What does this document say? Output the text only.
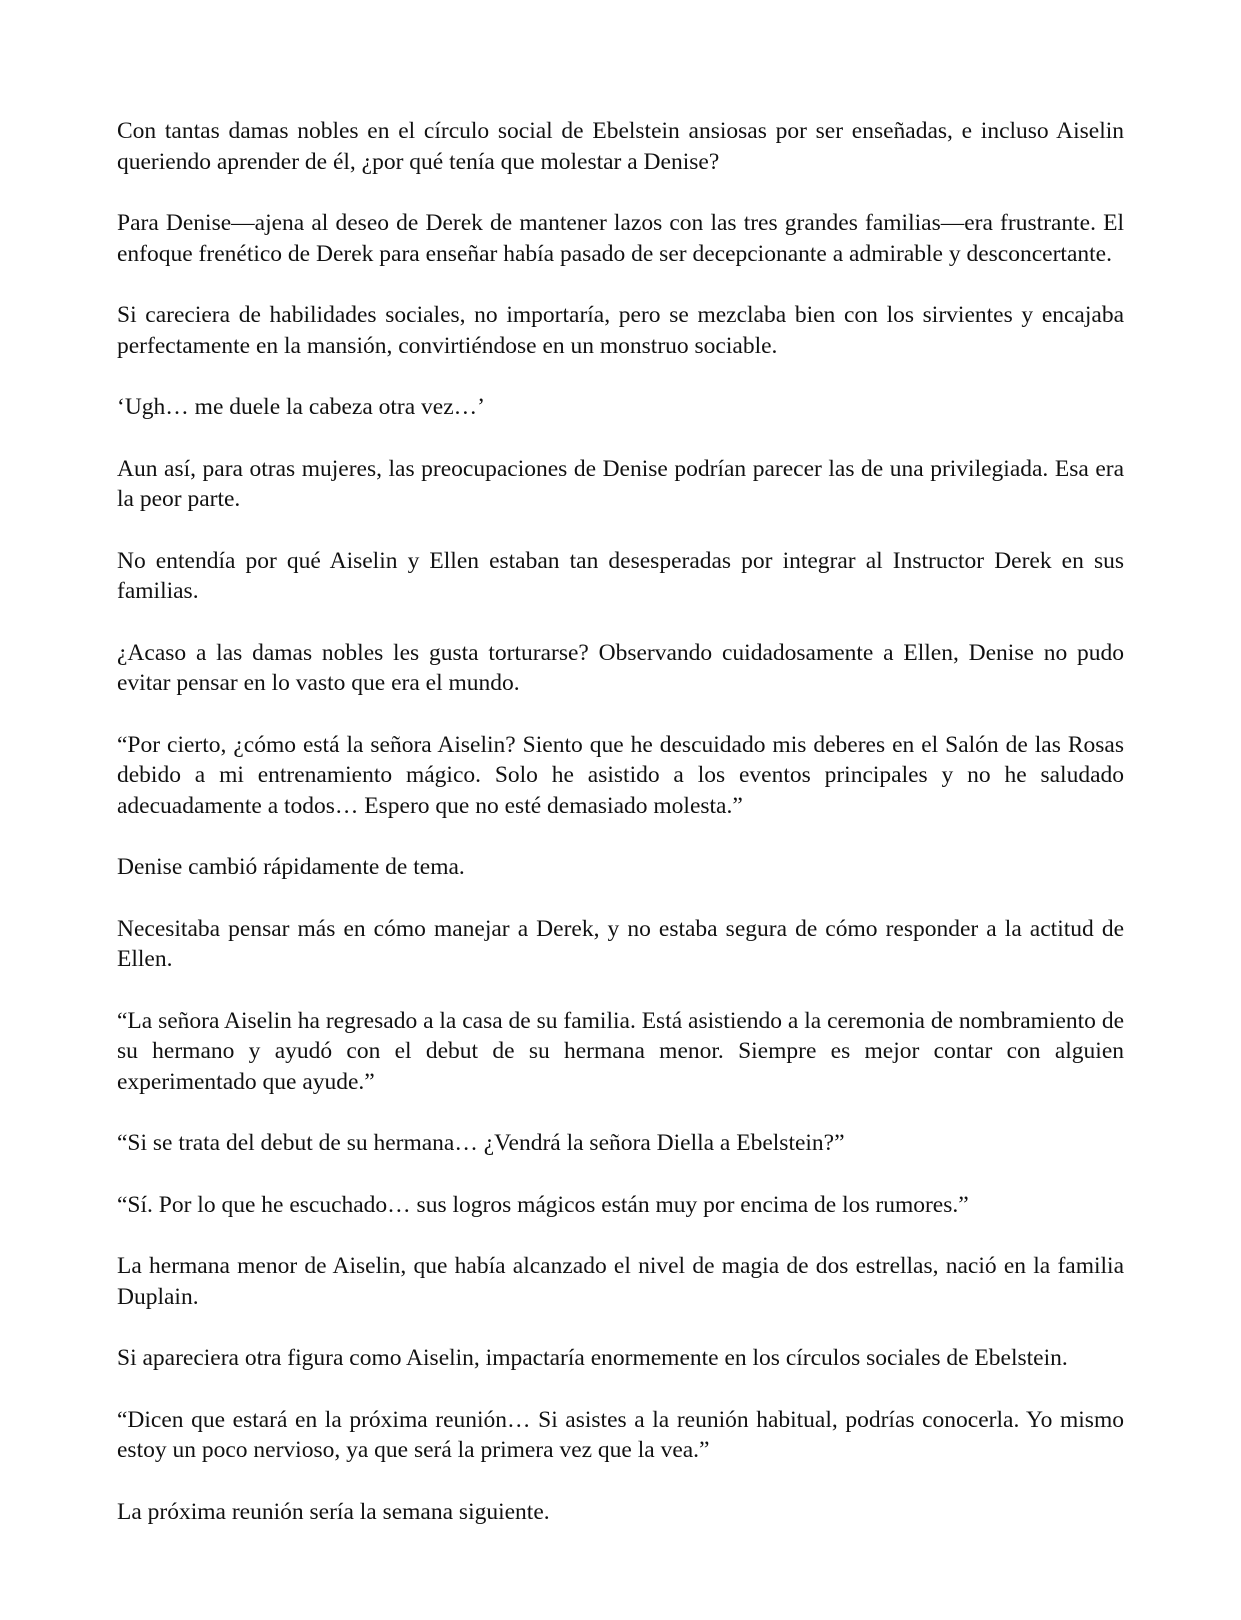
Con tantas damas nobles en el círculo social de Ebelstein ansiosas por ser enseñadas, e incluso Aiselin queriendo aprender de él, ¿por qué tenía que molestar a Denise?

Para Denise—ajena al deseo de Derek de mantener lazos con las tres grandes familias—era frustrante. El enfoque frenético de Derek para enseñar había pasado de ser decepcionante a admirable y desconcertante.

Si careciera de habilidades sociales, no importaría, pero se mezclaba bien con los sirvientes y encajaba perfectamente en la mansión, convirtiéndose en un monstruo sociable.

‘Ugh… me duele la cabeza otra vez…’

Aun así, para otras mujeres, las preocupaciones de Denise podrían parecer las de una privilegiada. Esa era la peor parte.

No entendía por qué Aiselin y Ellen estaban tan desesperadas por integrar al Instructor Derek en sus familias.

¿Acaso a las damas nobles les gusta torturarse? Observando cuidadosamente a Ellen, Denise no pudo evitar pensar en lo vasto que era el mundo.

“Por cierto, ¿cómo está la señora Aiselin? Siento que he descuidado mis deberes en el Salón de las Rosas debido a mi entrenamiento mágico. Solo he asistido a los eventos principales y no he saludado adecuadamente a todos… Espero que no esté demasiado molesta.”

Denise cambió rápidamente de tema.

Necesitaba pensar más en cómo manejar a Derek, y no estaba segura de cómo responder a la actitud de Ellen.

“La señora Aiselin ha regresado a la casa de su familia. Está asistiendo a la ceremonia de nombramiento de su hermano y ayudó con el debut de su hermana menor. Siempre es mejor contar con alguien experimentado que ayude.”

“Si se trata del debut de su hermana… ¿Vendrá la señora Diella a Ebelstein?”

“Sí. Por lo que he escuchado… sus logros mágicos están muy por encima de los rumores.”

La hermana menor de Aiselin, que había alcanzado el nivel de magia de dos estrellas, nació en la familia Duplain.

Si apareciera otra figura como Aiselin, impactaría enormemente en los círculos sociales de Ebelstein.

“Dicen que estará en la próxima reunión… Si asistes a la reunión habitual, podrías conocerla. Yo mismo estoy un poco nervioso, ya que será la primera vez que la vea.”

La próxima reunión sería la semana siguiente.
